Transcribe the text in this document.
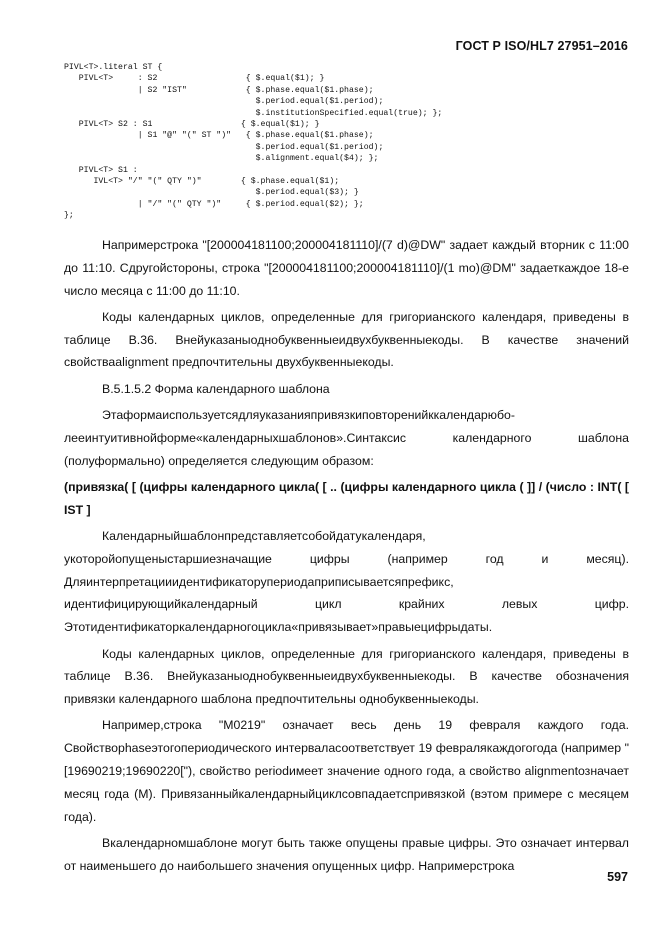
ГОСТ Р ISO/HL7 27951–2016
PIVL<T>.literal ST {
PIVL<T>     : S2                  { $.equal($1); }
| S2 "IST"            { $.phase.equal($1.phase);
$.period.equal($1.period);
$.institutionSpecified.equal(true); };
PIVL<T> S2 : S1                  { $.equal($1); }
| S1 "@" "(" ST ")"   { $.phase.equal($1.phase);
$.period.equal($1.period);
$.alignment.equal($4); };
PIVL<T> S1 :
IVL<T> "/" "(" QTY ")"        { $.phase.equal($1);
$.period.equal($3); }
| "/" "(" QTY ")"     { $.period.equal($2); };
};

Напримерстрока "[200004181100;200004181110]/(7 d)@DW" задает каждый вторник с 11:00 до 11:10. Сдругойстороны, строка "[200004181100;200004181110]/(1 mo)@DM" задаеткаждое 18-е число месяца с 11:00 до 11:10.

Коды календарных циклов, определенные для григорианского календаря, приведены в таблице В.36. Внейуказаныоднобуквенныеидвухбуквенныекоды. В качестве значений свойстваalignment предпочтительны двухбуквенныекоды.

В.5.1.5.2 Форма календарного шаблона

Этаформаиспользуетсядляуказанияпривязкиповторенийккалендарюбо-леeинтуитивнойформе«календарныхшаблонов».Синтаксис календарного шаблона (полуформально) определяется следующим образом:

(привязка( [ (цифры календарного цикла( [ .. (цифры календарного цикла ( ]] / (число : INT( [ IST ]

Календарныйшаблонпредставляетсобойдатукалендаря, укоторойопущеныстаршиезначащие цифры (например год и месяц). Дляинтерпретацииидентификаторупериодаприписываетсяпрефикс, идентифицирующийкалендарный цикл крайних левых цифр. Этотидентификаторкалендарногоцикла«привязывает»правыецифрыдаты.

Коды календарных циклов, определенные для григорианского календаря, приведены в таблице В.36. Внейуказаныоднобуквенныеидвухбуквенныекоды. В качестве обозначения привязки календарного шаблона предпочтительны однобуквенныекоды.

Например,строка "M0219" означает весь день 19 февраля каждого года. Свойствоphaseэтогопериодического интерваласоответствует 19 февралякаждогогода (например "[19690219;19690220["), свойство periodимеет значение одного года, а свойство alignmentозначает месяц года (M). Привязанныйкалендарныйциклсовпадаетспривязкой (вэтом примере с месяцем года).

Вкалендарномшаблоне могут быть также опущены правые цифры. Это означает интервал от наименьшего до наибольшего значения опущенных цифр. Напримерстрока

597
